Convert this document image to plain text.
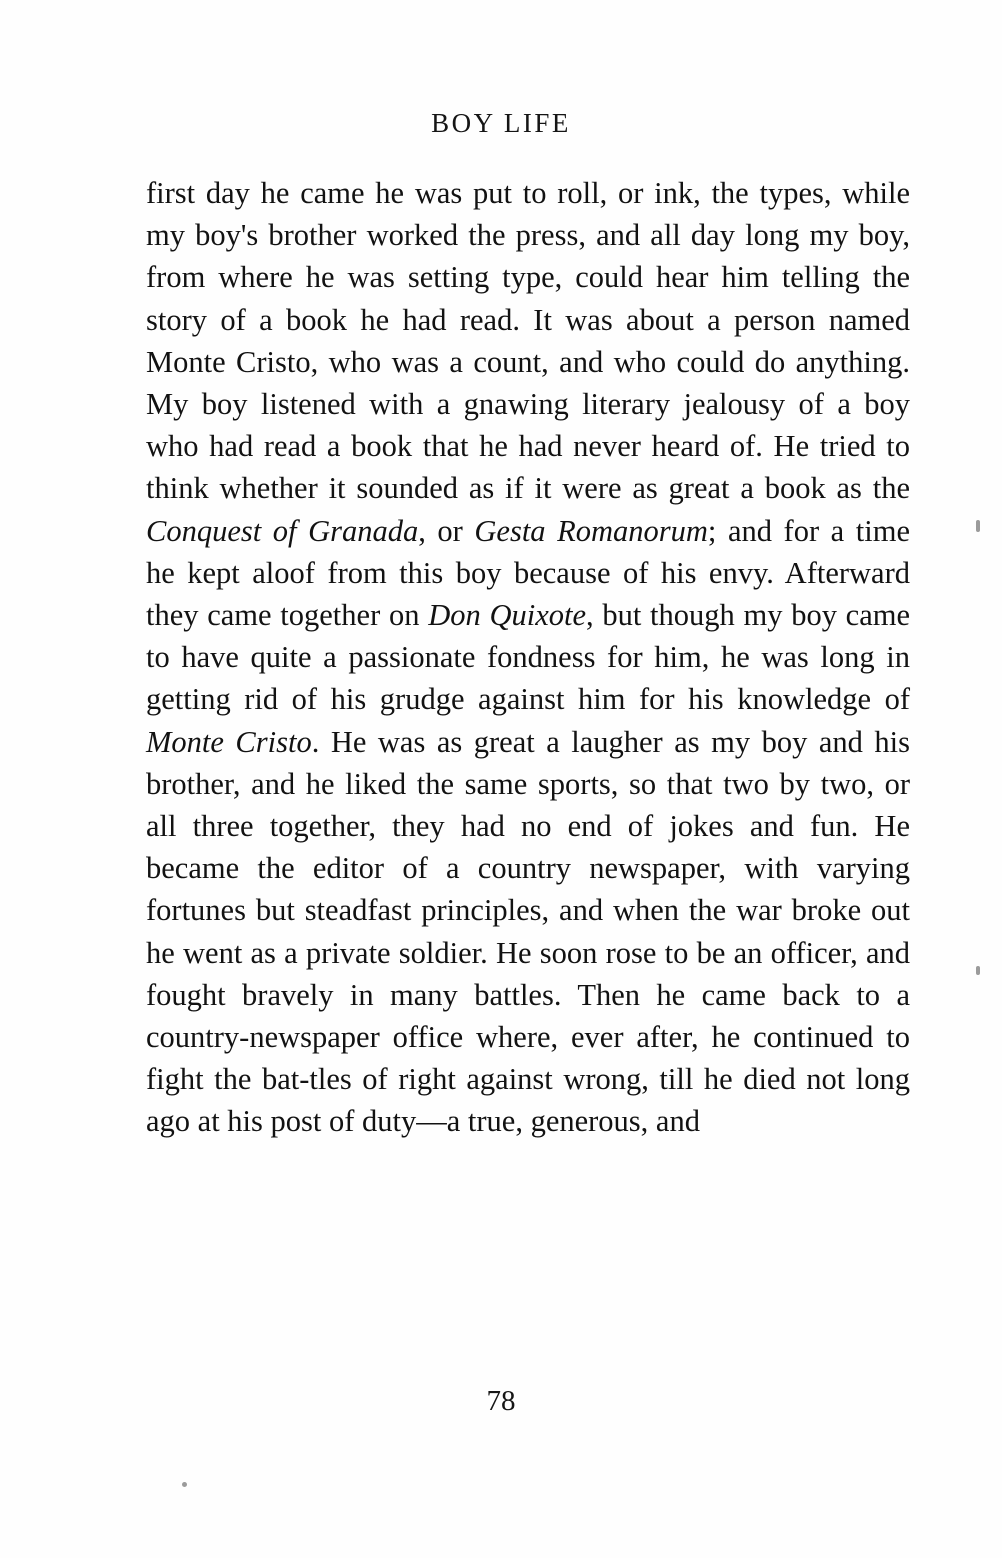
BOY LIFE

first day he came he was put to roll, or ink, the types, while my boy's brother worked the press, and all day long my boy, from where he was setting type, could hear him telling the story of a book he had read. It was about a person named Monte Cristo, who was a count, and who could do anything. My boy listened with a gnawing literary jealousy of a boy who had read a book that he had never heard of. He tried to think whether it sounded as if it were as great a book as the Conquest of Granada, or Gesta Romanorum; and for a time he kept aloof from this boy because of his envy. Afterward they came together on Don Quixote, but though my boy came to have quite a passionate fondness for him, he was long in getting rid of his grudge against him for his knowledge of Monte Cristo. He was as great a laugher as my boy and his brother, and he liked the same sports, so that two by two, or all three together, they had no end of jokes and fun. He became the editor of a country newspaper, with varying fortunes but steadfast principles, and when the war broke out he went as a private soldier. He soon rose to be an officer, and fought bravely in many battles. Then he came back to a country-newspaper office where, ever after, he continued to fight the bat-tles of right against wrong, till he died not long ago at his post of duty—a true, generous, and

78
